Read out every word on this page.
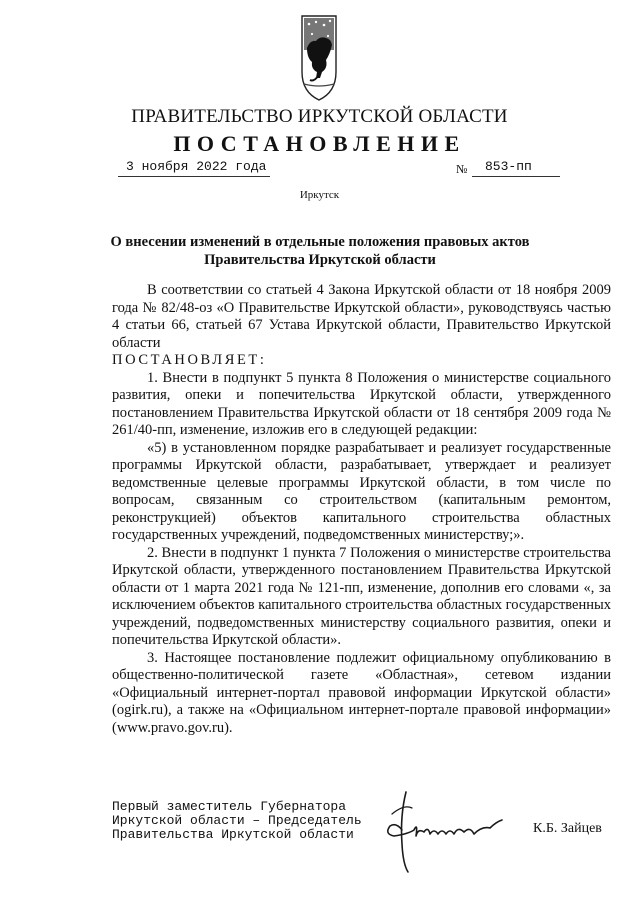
ПРАВИТЕЛЬСТВО ИРКУТСКОЙ ОБЛАСТИ
ПОСТАНОВЛЕНИЕ
3 ноября 2022 года	№ 853-пп
Иркутск
О внесении изменений в отдельные положения правовых актов Правительства Иркутской области

В соответствии со статьей 4 Закона Иркутской области от 18 ноября 2009 года № 82/48-оз «О Правительстве Иркутской области», руководствуясь частью 4 статьи 66, статьей 67 Устава Иркутской области, Правительство Иркутской области

ПОСТАНОВЛЯЕТ:

1. Внести в подпункт 5 пункта 8 Положения о министерстве социального развития, опеки и попечительства Иркутской области, утвержденного постановлением Правительства Иркутской области от 18 сентября 2009 года № 261/40-пп, изменение, изложив его в следующей редакции:

«5) в установленном порядке разрабатывает и реализует государственные программы Иркутской области, разрабатывает, утверждает и реализует ведомственные целевые программы Иркутской области, в том числе по вопросам, связанным со строительством (капитальным ремонтом, реконструкцией) объектов капитального строительства областных государственных учреждений, подведомственных министерству;».

2. Внести в подпункт 1 пункта 7 Положения о министерстве строительства Иркутской области, утвержденного постановлением Правительства Иркутской области от 1 марта 2021 года № 121-пп, изменение, дополнив его словами «, за исключением объектов капитального строительства областных государственных учреждений, подведомственных министерству социального развития, опеки и попечительства Иркутской области».

3. Настоящее постановление подлежит официальному опубликованию в общественно-политической газете «Областная», сетевом издании «Официальный интернет-портал правовой информации Иркутской области» (ogirk.ru), а также на «Официальном интернет-портале правовой информации» (www.pravo.gov.ru).

Первый заместитель Губернатора
Иркутской области – Председатель
Правительства Иркутской области	К.Б. Зайцев
